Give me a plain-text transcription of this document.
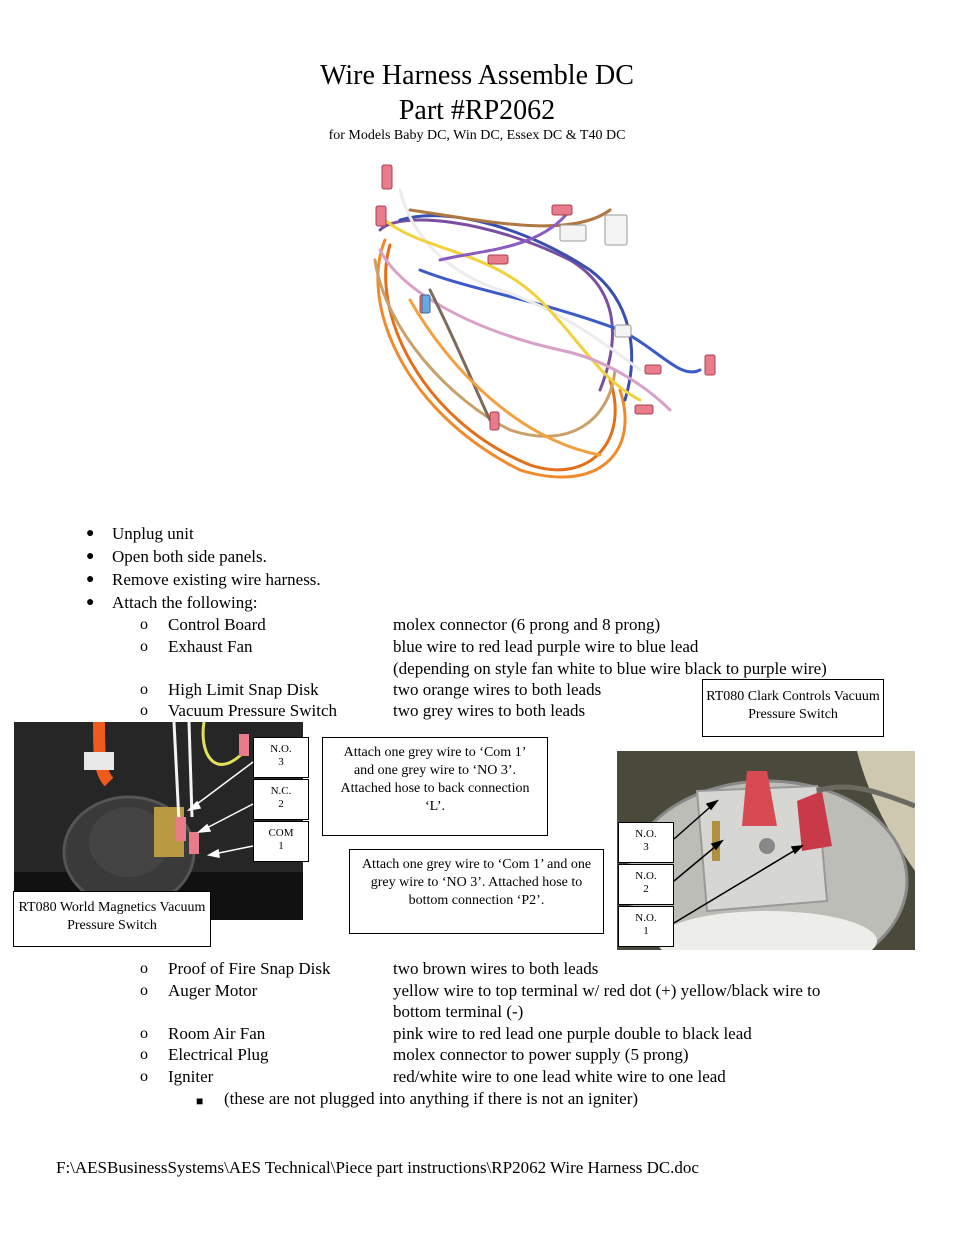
Wire Harness Assemble DC
Part #RP2062
for Models Baby DC, Win DC, Essex DC & T40 DC
● Unplug unit
● Open both side panels.
● Remove existing wire harness.
● Attach the following:
o Control Board	molex connector (6 prong and 8 prong)
o Exhaust Fan	blue wire to red lead purple wire to blue lead
(depending on style fan white to blue wire black to purple wire)
o High Limit Snap Disk	two orange wires to both leads
o Vacuum Pressure Switch	two grey wires to both leads
RT080 Clark Controls Vacuum Pressure Switch
N.O.
3
N.C.
2
COM
1
RT080 World Magnetics Vacuum Pressure Switch
Attach one grey wire to ‘Com 1’ and one grey wire to ‘NO 3’. Attached hose to back connection ‘L’.
Attach one grey wire to ‘Com 1’ and one grey wire to ‘NO 3’. Attached hose to bottom connection ‘P2’.
N.O.
3
N.O.
2
N.O.
1
o Proof of Fire Snap Disk	two brown wires to both leads
o Auger Motor	yellow wire to top terminal w/ red dot (+) yellow/black wire to
bottom terminal (-)
o Room Air Fan	pink wire to red lead one purple double to black lead
o Electrical Plug	molex connector to power supply (5 prong)
o Igniter	red/white wire to one lead white wire to one lead
■ (these are not plugged into anything if there is not an igniter)
F:\AESBusinessSystems\AES Technical\Piece part instructions\RP2062 Wire Harness DC.doc
